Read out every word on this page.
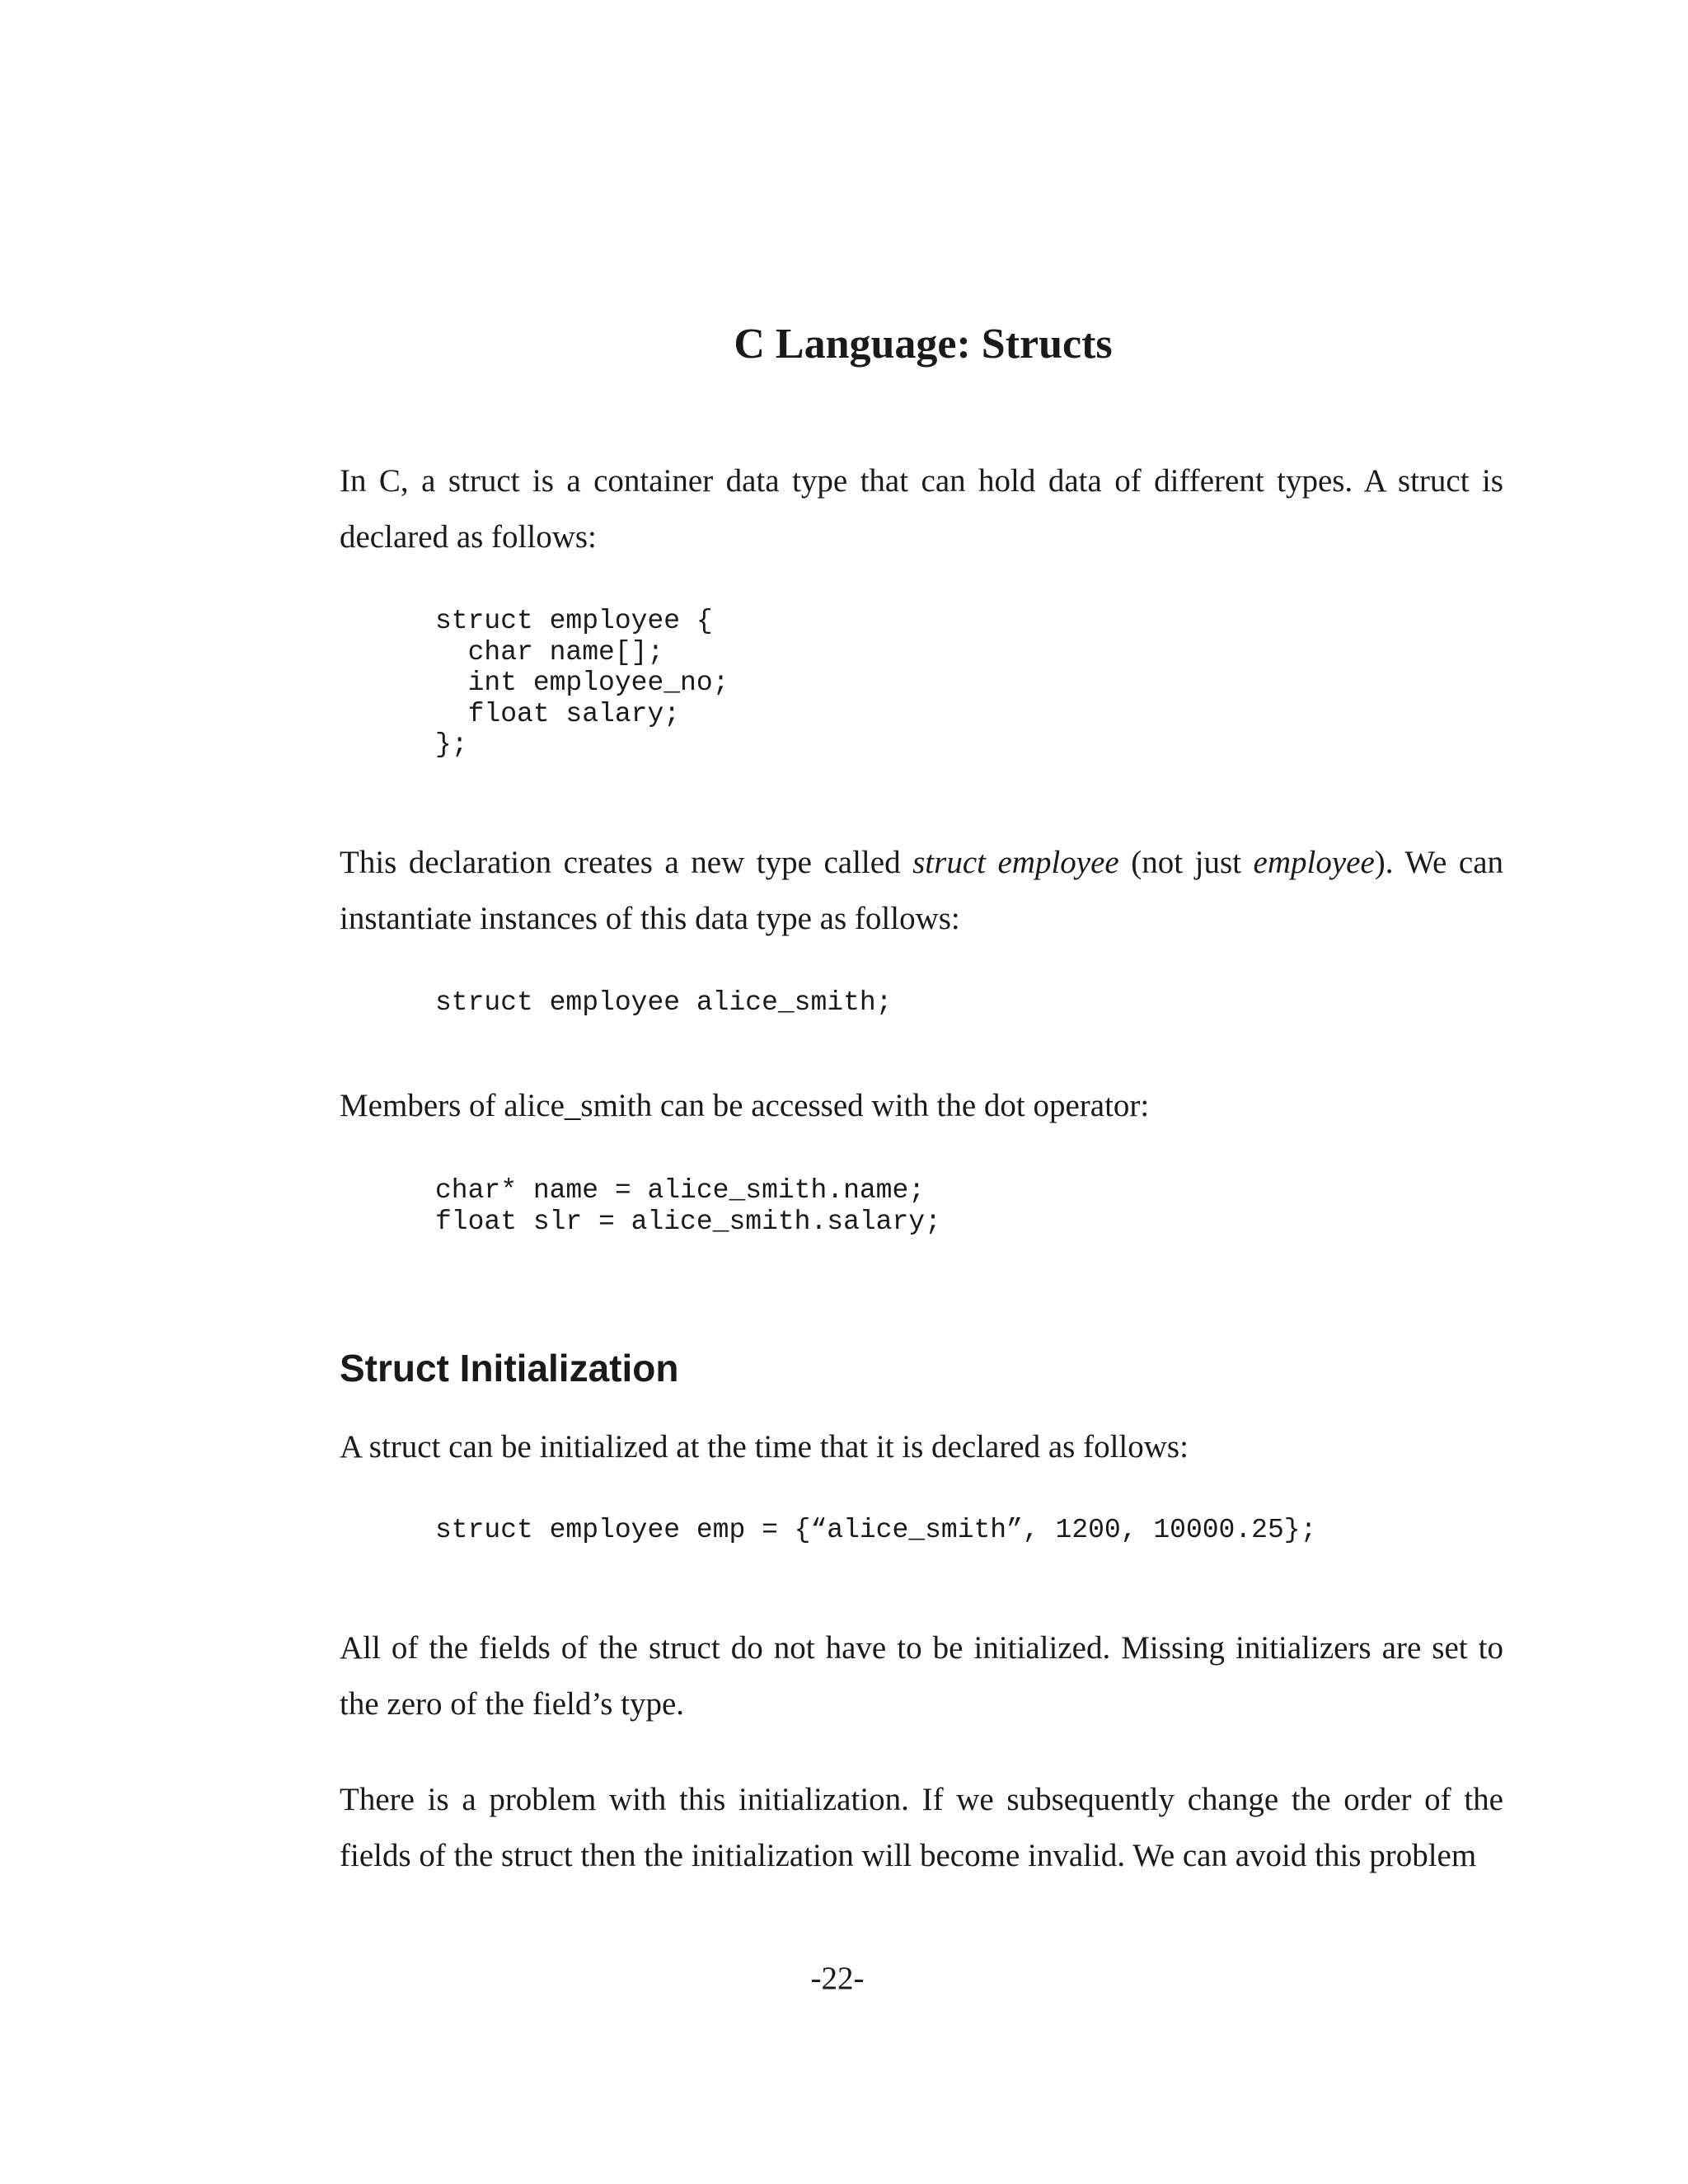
C Language: Structs

In C, a struct is a container data type that can hold data of different types. A struct is declared as follows:

struct employee {
char name[];
int employee_no;
float salary;
};

This declaration creates a new type called struct employee (not just employee). We can instantiate instances of this data type as follows:

struct employee alice_smith;

Members of alice_smith can be accessed with the dot operator:

char* name = alice_smith.name;
float slr = alice_smith.salary;
Struct Initialization

A struct can be initialized at the time that it is declared as follows:

struct employee emp = {“alice_smith”, 1200, 10000.25};

All of the fields of the struct do not have to be initialized. Missing initializers are set to the zero of the field’s type.

There is a problem with this initialization. If we subsequently change the order of the fields of the struct then the initialization will become invalid. We can avoid this problem

-22-
